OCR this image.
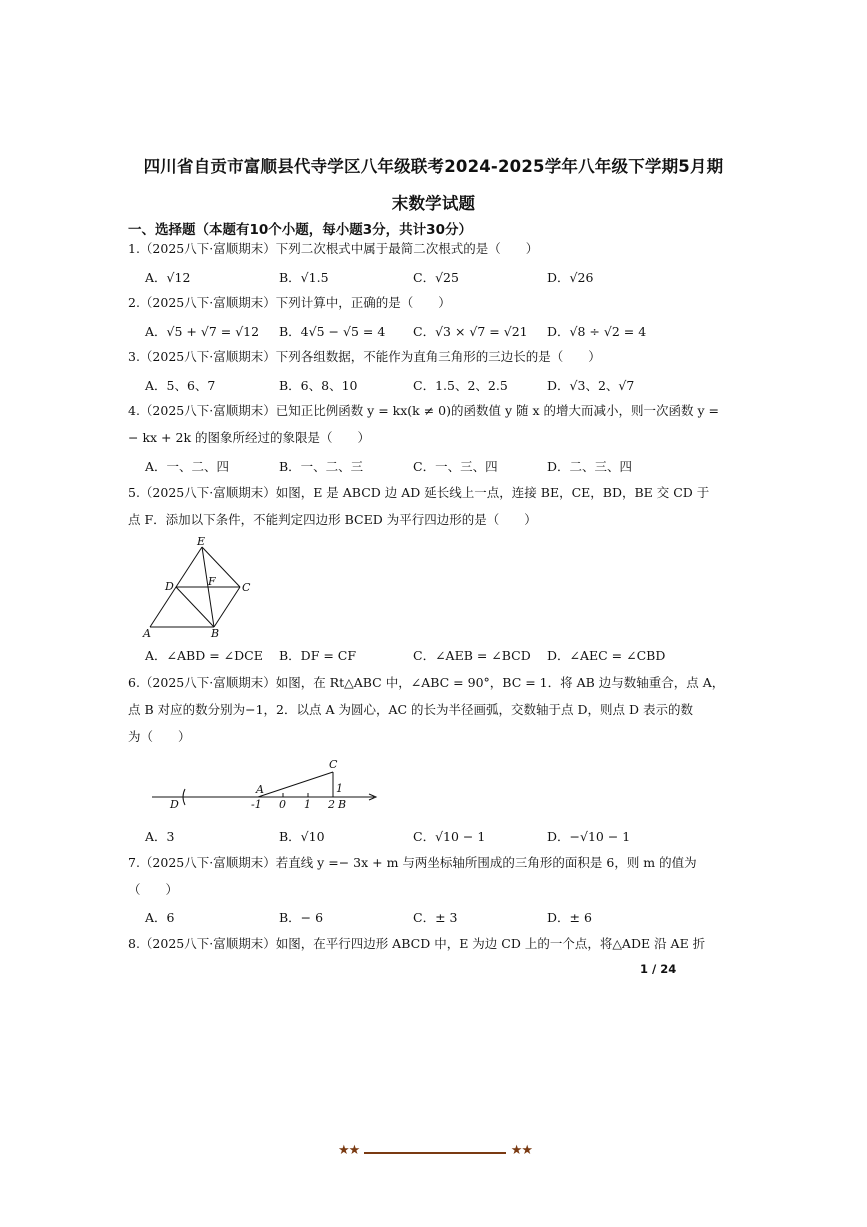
四川省自贡市富顺县代寺学区八年级联考2024-2025学年八年级下学期5月期
末数学试题
一、选择题（本题有10个小题，每小题3分，共计30分）
1.（2025八下·富顺期末）下列二次根式中属于最简二次根式的是（　　）
A．√12	B．√1.5	C．√25	D．√26
2.（2025八下·富顺期末）下列计算中，正确的是（　　）
A．√5 + √7 = √12 B．4√5 − √5 = 4 C．√3 × √7 = √21 D．√8 ÷ √2 = 4
3.（2025八下·富顺期末）下列各组数据，不能作为直角三角形的三边长的是（　　）
A．5、6、7	B．6、8、10	C．1.5、2、2.5	D．√3、2、√7
4.（2025八下·富顺期末）已知正比例函数 y = kx(k ≠ 0)的函数值 y 随 x 的增大而减小，则一次函数 y =
− kx + 2k 的图象所经过的象限是（　　）
A．一、二、四	B．一、二、三	C．一、三、四	D．二、三、四
5.（2025八下·富顺期末）如图，E 是 ABCD 边 AD 延长线上一点，连接 BE，CE，BD，BE 交 CD 于
点 F．添加以下条件，不能判定四边形 BCED 为平行四边形的是（　　）
E
D	F C
A	B
A．∠ABD = ∠DCE B．DF = CF	C．∠AEB = ∠BCD D．∠AEC = ∠CBD
6.（2025八下·富顺期末）如图，在 Rt△ABC 中，∠ABC = 90°，BC = 1．将 AB 边与数轴重合，点 A，
点 B 对应的数分别为−1，2．以点 A 为圆心，AC 的长为半径画弧，交数轴于点 D，则点 D 表示的数
为（　　）
C
A
D
1
-1 0 1 2 B
A．3	B．√10	C．√10 − 1	D．−√10 − 1
7.（2025八下·富顺期末）若直线 y =− 3x + m 与两坐标轴所围成的三角形的面积是 6，则 m 的值为
（　　）
A．6	B．− 6	C．± 3	D．± 6
8.（2025八下·富顺期末）如图，在平行四边形 ABCD 中，E 为边 CD 上的一个点，将△ADE 沿 AE 折
1 / 24
★★	★★
